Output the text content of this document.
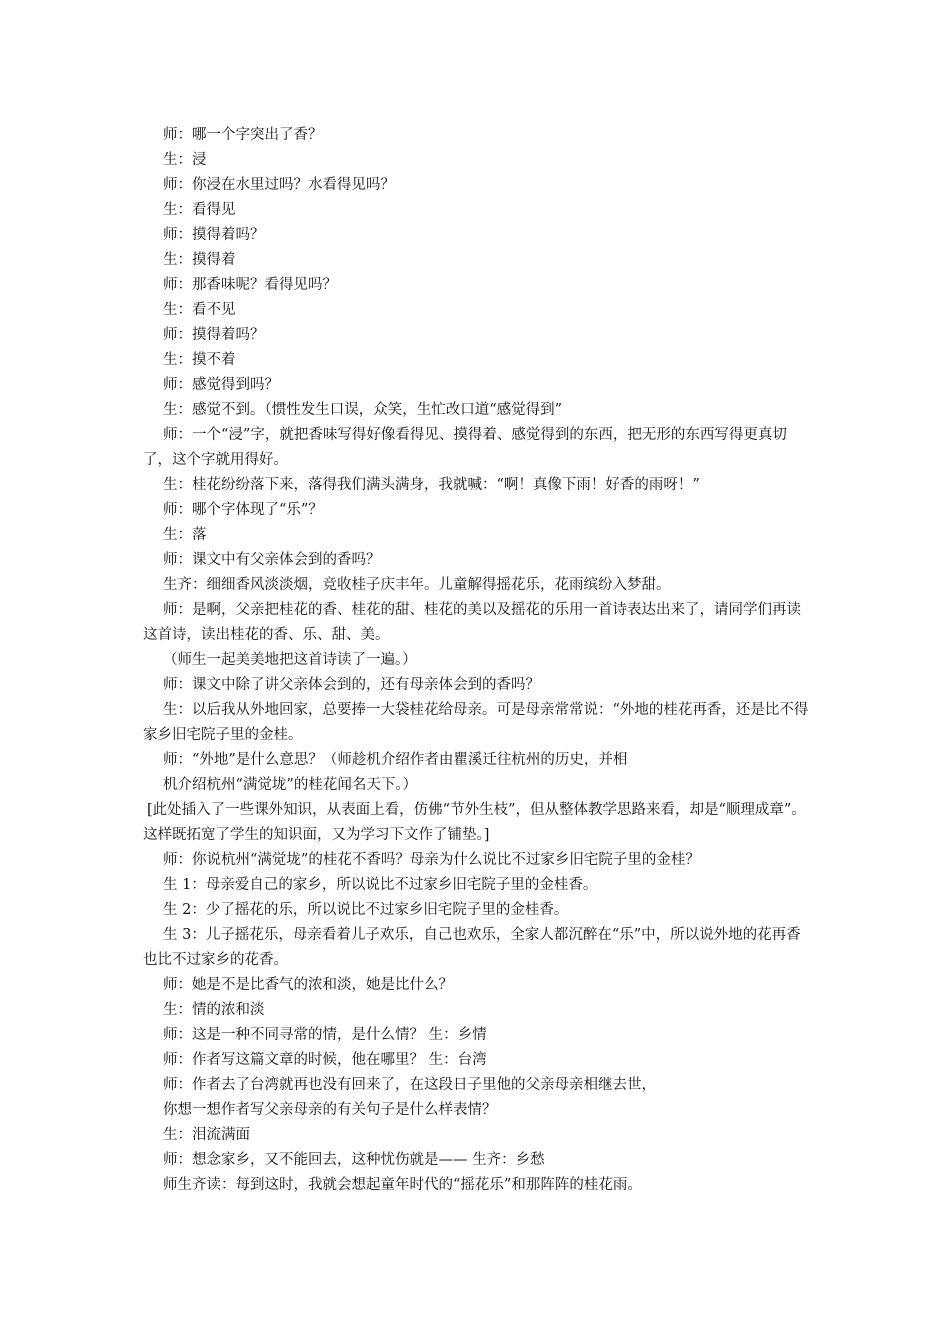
师：哪一个字突出了香？

生：浸

师：你浸在水里过吗？水看得见吗？

生：看得见

师：摸得着吗？

生：摸得着

师：那香味呢？看得见吗？

生：看不见

师：摸得着吗？

生：摸不着

师：感觉得到吗？

生：感觉不到。（惯性发生口误，众笑，生忙改口道“感觉得到”

师：一个“浸”字，就把香味写得好像看得见、摸得着、感觉得到的东西，把无形的东西写得更真切了，这个字就用得好。

生：桂花纷纷落下来，落得我们满头满身，我就喊：“啊！真像下雨！好香的雨呀！”

师：哪个字体现了“乐”？

生：落

师：课文中有父亲体会到的香吗？

生齐：细细香风淡淡烟，竞收桂子庆丰年。儿童解得摇花乐，花雨缤纷入梦甜。

师：是啊，父亲把桂花的香、桂花的甜、桂花的美以及摇花的乐用一首诗表达出来了，请同学们再读这首诗，读出桂花的香、乐、甜、美。

（师生一起美美地把这首诗读了一遍。）

师：课文中除了讲父亲体会到的，还有母亲体会到的香吗？

生：以后我从外地回家，总要捧一大袋桂花给母亲。可是母亲常常说：“外地的桂花再香，还是比不得家乡旧宅院子里的金桂。

师：“外地”是什么意思？（师趁机介绍作者由瞿溪迁往杭州的历史，并相

机介绍杭州“满觉垅”的桂花闻名天下。）

[此处插入了一些课外知识，从表面上看，仿佛“节外生枝”，但从整体教学思路来看，却是“顺理成章”。这样既拓宽了学生的知识面，又为学习下文作了铺垫。]

师：你说杭州“满觉垅”的桂花不香吗？母亲为什么说比不过家乡旧宅院子里的金桂？

生 1：母亲爱自己的家乡，所以说比不过家乡旧宅院子里的金桂香。

生 2：少了摇花的乐，所以说比不过家乡旧宅院子里的金桂香。

生 3：儿子摇花乐，母亲看着儿子欢乐，自己也欢乐，全家人都沉醉在“乐”中，所以说外地的花再香也比不过家乡的花香。

师：她是不是比香气的浓和淡，她是比什么？

生：情的浓和淡

师：这是一种不同寻常的情，是什么情？ 生：乡情

师：作者写这篇文章的时候，他在哪里？ 生：台湾

师：作者去了台湾就再也没有回来了，在这段日子里他的父亲母亲相继去世，

你想一想作者写父亲母亲的有关句子是什么样表情？

生：泪流满面

师：想念家乡，又不能回去，这种忧伤就是—— 生齐：乡愁

师生齐读：每到这时，我就会想起童年时代的“摇花乐”和那阵阵的桂花雨。
